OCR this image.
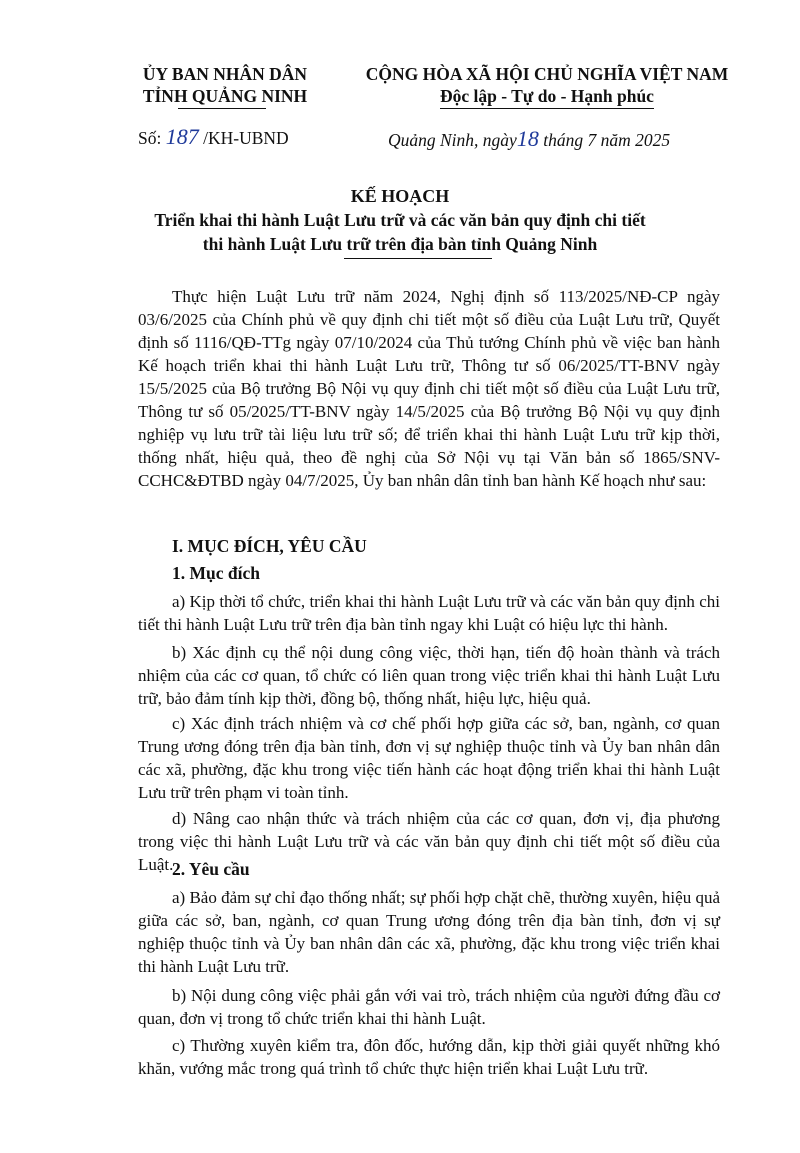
ỦY BAN NHÂN DÂN
TỈNH QUẢNG NINH
CỘNG HÒA XÃ HỘI CHỦ NGHĨA VIỆT NAM
Độc lập - Tự do - Hạnh phúc
Số: 187 /KH-UBND	Quảng Ninh, ngày18 tháng 7 năm 2025
KẾ HOẠCH
Triển khai thi hành Luật Lưu trữ và các văn bản quy định chi tiết
thi hành Luật Lưu trữ trên địa bàn tỉnh Quảng Ninh
Thực hiện Luật Lưu trữ năm 2024, Nghị định số 113/2025/NĐ-CP ngày 03/6/2025 của Chính phủ về quy định chi tiết một số điều của Luật Lưu trữ, Quyết định số 1116/QĐ-TTg ngày 07/10/2024 của Thủ tướng Chính phủ về việc ban hành Kế hoạch triển khai thi hành Luật Lưu trữ, Thông tư số 06/2025/TT-BNV ngày 15/5/2025 của Bộ trưởng Bộ Nội vụ quy định chi tiết một số điều của Luật Lưu trữ, Thông tư số 05/2025/TT-BNV ngày 14/5/2025 của Bộ trưởng Bộ Nội vụ quy định nghiệp vụ lưu trữ tài liệu lưu trữ số; để triển khai thi hành Luật Lưu trữ kịp thời, thống nhất, hiệu quả, theo đề nghị của Sở Nội vụ tại Văn bản số 1865/SNV-CCHC&ĐTBD ngày 04/7/2025, Ủy ban nhân dân tỉnh ban hành Kế hoạch như sau:
I. MỤC ĐÍCH, YÊU CẦU
1. Mục đích
a) Kịp thời tổ chức, triển khai thi hành Luật Lưu trữ và các văn bản quy định chi tiết thi hành Luật Lưu trữ trên địa bàn tỉnh ngay khi Luật có hiệu lực thi hành.
b) Xác định cụ thể nội dung công việc, thời hạn, tiến độ hoàn thành và trách nhiệm của các cơ quan, tổ chức có liên quan trong việc triển khai thi hành Luật Lưu trữ, bảo đảm tính kịp thời, đồng bộ, thống nhất, hiệu lực, hiệu quả.
c) Xác định trách nhiệm và cơ chế phối hợp giữa các sở, ban, ngành, cơ quan Trung ương đóng trên địa bàn tỉnh, đơn vị sự nghiệp thuộc tỉnh và Ủy ban nhân dân các xã, phường, đặc khu trong việc tiến hành các hoạt động triển khai thi hành Luật Lưu trữ trên phạm vi toàn tỉnh.
d) Nâng cao nhận thức và trách nhiệm của các cơ quan, đơn vị, địa phương trong việc thi hành Luật Lưu trữ và các văn bản quy định chi tiết một số điều của Luật.
2. Yêu cầu
a) Bảo đảm sự chỉ đạo thống nhất; sự phối hợp chặt chẽ, thường xuyên, hiệu quả giữa các sở, ban, ngành, cơ quan Trung ương đóng trên địa bàn tỉnh, đơn vị sự nghiệp thuộc tỉnh và Ủy ban nhân dân các xã, phường, đặc khu trong việc triển khai thi hành Luật Lưu trữ.
b) Nội dung công việc phải gắn với vai trò, trách nhiệm của người đứng đầu cơ quan, đơn vị trong tổ chức triển khai thi hành Luật.
c) Thường xuyên kiểm tra, đôn đốc, hướng dẫn, kịp thời giải quyết những khó khăn, vướng mắc trong quá trình tổ chức thực hiện triển khai Luật Lưu trữ.
